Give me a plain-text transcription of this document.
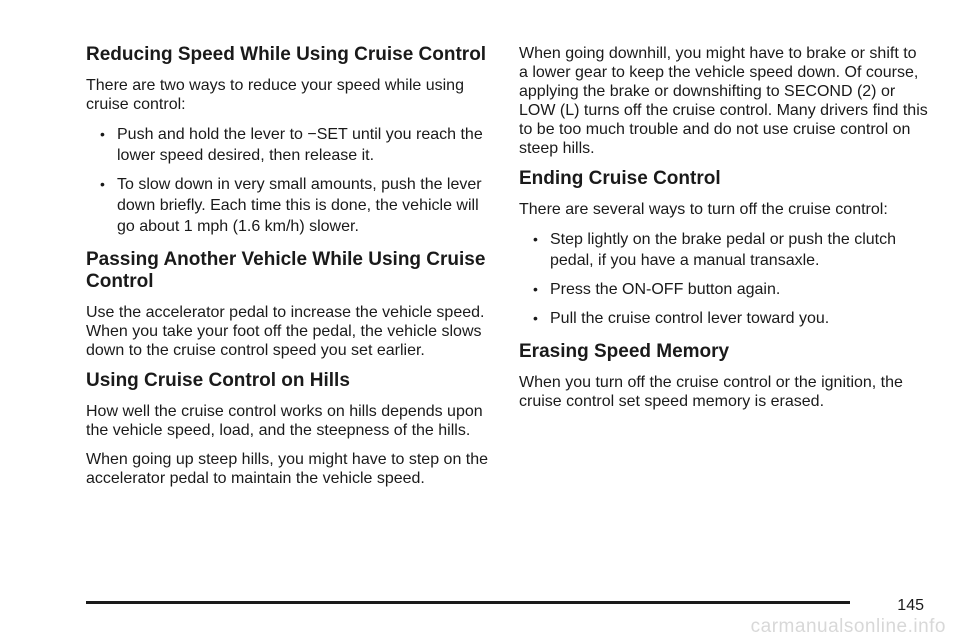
Reducing Speed While Using Cruise Control

There are two ways to reduce your speed while using cruise control:

• Push and hold the lever to −SET until you reach the lower speed desired, then release it.
• To slow down in very small amounts, push the lever down briefly. Each time this is done, the vehicle will go about 1 mph (1.6 km/h) slower.
Passing Another Vehicle While Using Cruise Control

Use the accelerator pedal to increase the vehicle speed. When you take your foot off the pedal, the vehicle slows down to the cruise control speed you set earlier.

Using Cruise Control on Hills

How well the cruise control works on hills depends upon the vehicle speed, load, and the steepness of the hills.

When going up steep hills, you might have to step on the accelerator pedal to maintain the vehicle speed.

When going downhill, you might have to brake or shift to a lower gear to keep the vehicle speed down. Of course, applying the brake or downshifting to SECOND (2) or LOW (L) turns off the cruise control. Many drivers find this to be too much trouble and do not use cruise control on steep hills.

Ending Cruise Control

There are several ways to turn off the cruise control:

• Step lightly on the brake pedal or push the clutch pedal, if you have a manual transaxle.
• Press the ON-OFF button again.
• Pull the cruise control lever toward you.
Erasing Speed Memory

When you turn off the cruise control or the ignition, the cruise control set speed memory is erased.

145
carmanualsonline.info
